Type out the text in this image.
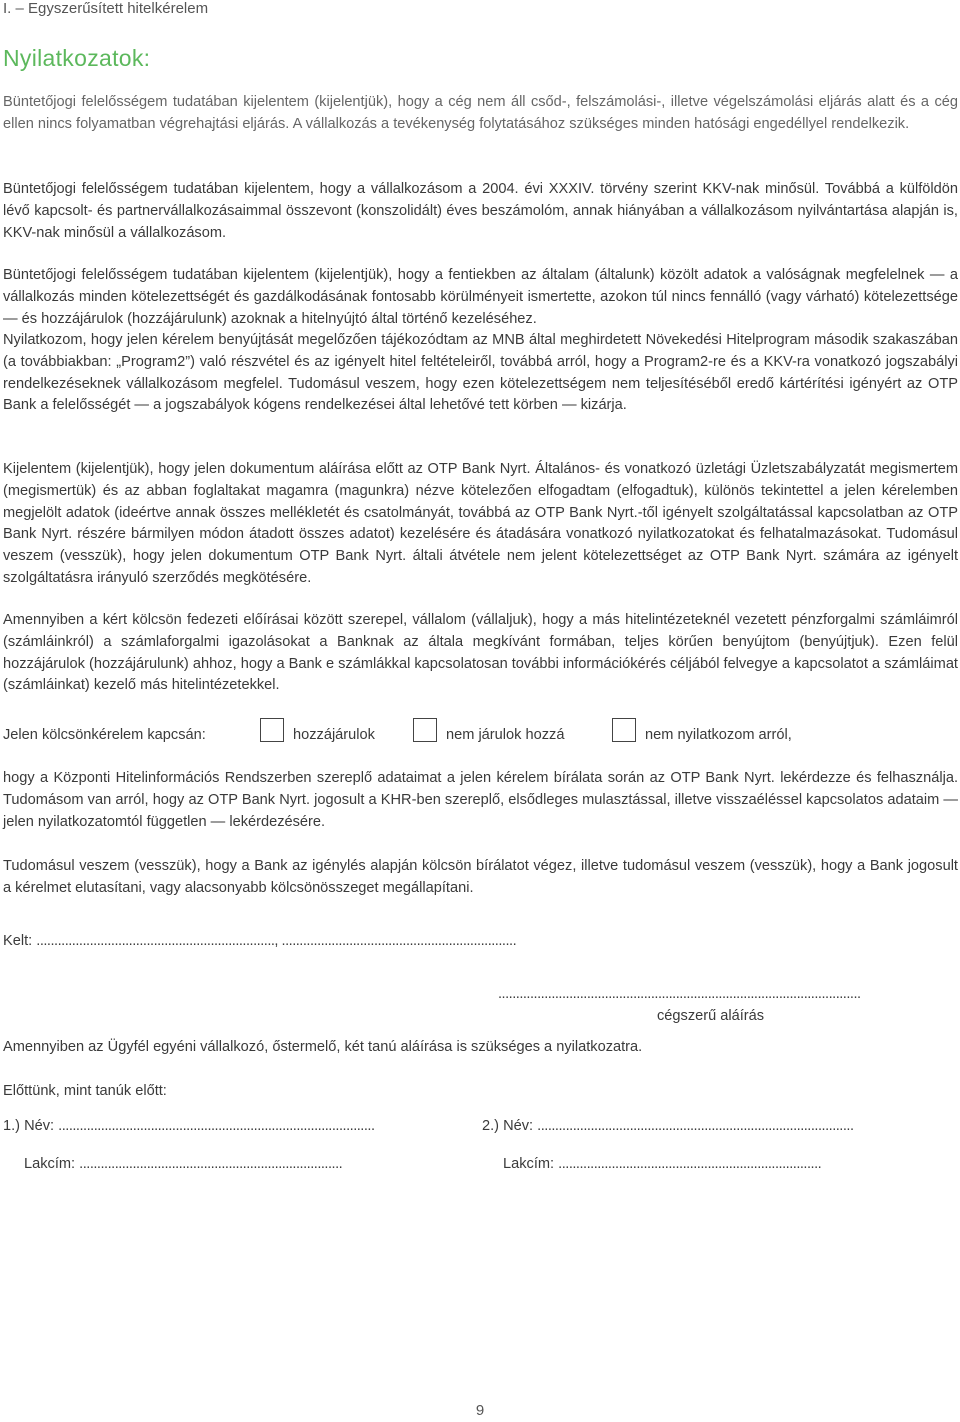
I. – Egyszerűsített hitelkérelem
Nyilatkozatok:

Büntetőjogi felelősségem tudatában kijelentem (kijelentjük), hogy a cég nem áll csőd-, felszámolási-, illetve végelszámolási eljárás alatt és a cég ellen nincs folyamatban végrehajtási eljárás. A vállalkozás a tevékenység folytatásához szükséges minden hatósági engedéllyel rendelkezik.

Büntetőjogi felelősségem tudatában kijelentem, hogy a vállalkozásom a 2004. évi XXXIV. törvény szerint KKV-nak minősül. Továbbá a külföldön lévő kapcsolt- és partnervállalkozásaimmal összevont (konszolidált) éves beszámolóm, annak hiányában a vállalkozásom nyilvántartása alapján is, KKV-nak minősül a vállalkozásom.

Büntetőjogi felelősségem tudatában kijelentem (kijelentjük), hogy a fentiekben az általam (általunk) közölt adatok a valóságnak megfelelnek — a vállalkozás minden kötelezettségét és gazdálkodásának fontosabb körülményeit ismertette, azokon túl nincs fennálló (vagy várható) kötelezettsége — és hozzájárulok (hozzájárulunk) azoknak a hitelnyújtó által történő kezeléséhez.

Nyilatkozom, hogy jelen kérelem benyújtását megelőzően tájékozódtam az MNB által meghirdetett Növekedési Hitelprogram második szakaszában (a továbbiakban: „Program2”) való részvétel és az igényelt hitel feltételeiről, továbbá arról, hogy a Program2-re és a KKV-ra vonatkozó jogszabályi rendelkezéseknek vállalkozásom megfelel. Tudomásul veszem, hogy ezen kötelezettségem nem teljesítéséből eredő kártérítési igényért az OTP Bank a felelősségét — a jogszabályok kógens rendelkezései által lehetővé tett körben — kizárja.

Kijelentem (kijelentjük), hogy jelen dokumentum aláírása előtt az OTP Bank Nyrt. Általános- és vonatkozó üzletági Üzletszabályzatát megismertem (megismertük) és az abban foglaltakat magamra (magunkra) nézve kötelezően elfogadtam (elfogadtuk), különös tekintettel a jelen kérelemben megjelölt adatok (ideértve annak összes mellékletét és csatolmányát, továbbá az OTP Bank Nyrt.-től igényelt szolgáltatással kapcsolatban az OTP Bank Nyrt. részére bármilyen módon átadott összes adatot) kezelésére és átadására vonatkozó nyilatkozatokat és felhatalmazásokat. Tudomásul veszem (vesszük), hogy jelen dokumentum OTP Bank Nyrt. általi átvétele nem jelent kötelezettséget az OTP Bank Nyrt. számára az igényelt szolgáltatásra irányuló szerződés megkötésére.

Amennyiben a kért kölcsön fedezeti előírásai között szerepel, vállalom (vállaljuk), hogy a más hitelintézeteknél vezetett pénzforgalmi számláimról (számláinkról) a számlaforgalmi igazolásokat a Banknak az általa megkívánt formában, teljes körűen benyújtom (benyújtjuk). Ezen felül hozzájárulok (hozzájárulunk) ahhoz, hogy a Bank e számlákkal kapcsolatosan további információkérés céljából felvegye a kapcsolatot a számláimat (számláinkat) kezelő más hitelintézetekkel.

Jelen kölcsönkérelem kapcsán:	hozzájárulok	nem járulok hozzá	nem nyilatkozom arról,

hogy a Központi Hitelinformációs Rendszerben szereplő adataimat a jelen kérelem bírálata során az OTP Bank Nyrt. lekérdezze és felhasználja. Tudomásom van arról, hogy az OTP Bank Nyrt. jogosult a KHR-ben szereplő, elsődleges mulasztással, illetve visszaéléssel kapcsolatos adataim — jelen nyilatkozatomtól független — lekérdezésére.

Tudomásul veszem (vesszük), hogy a Bank az igénylés alapján kölcsön bírálatot végez, illetve tudomásul veszem (vesszük), hogy a Bank jogosult a kérelmet elutasítani, vagy alacsonyabb kölcsönösszeget megállapítani.

Kelt: ..................................................................., ..................................................................
......................................................................................................
cégszerű aláírás
Amennyiben az Ügyfél egyéni vállalkozó, őstermelő, két tanú aláírása is szükséges a nyilatkozatra.
Előttünk, mint tanúk előtt:
1.) Név: .........................................................................................	2.) Név: .........................................................................................
Lakcím: ..........................................................................	Lakcím: ..........................................................................
9
